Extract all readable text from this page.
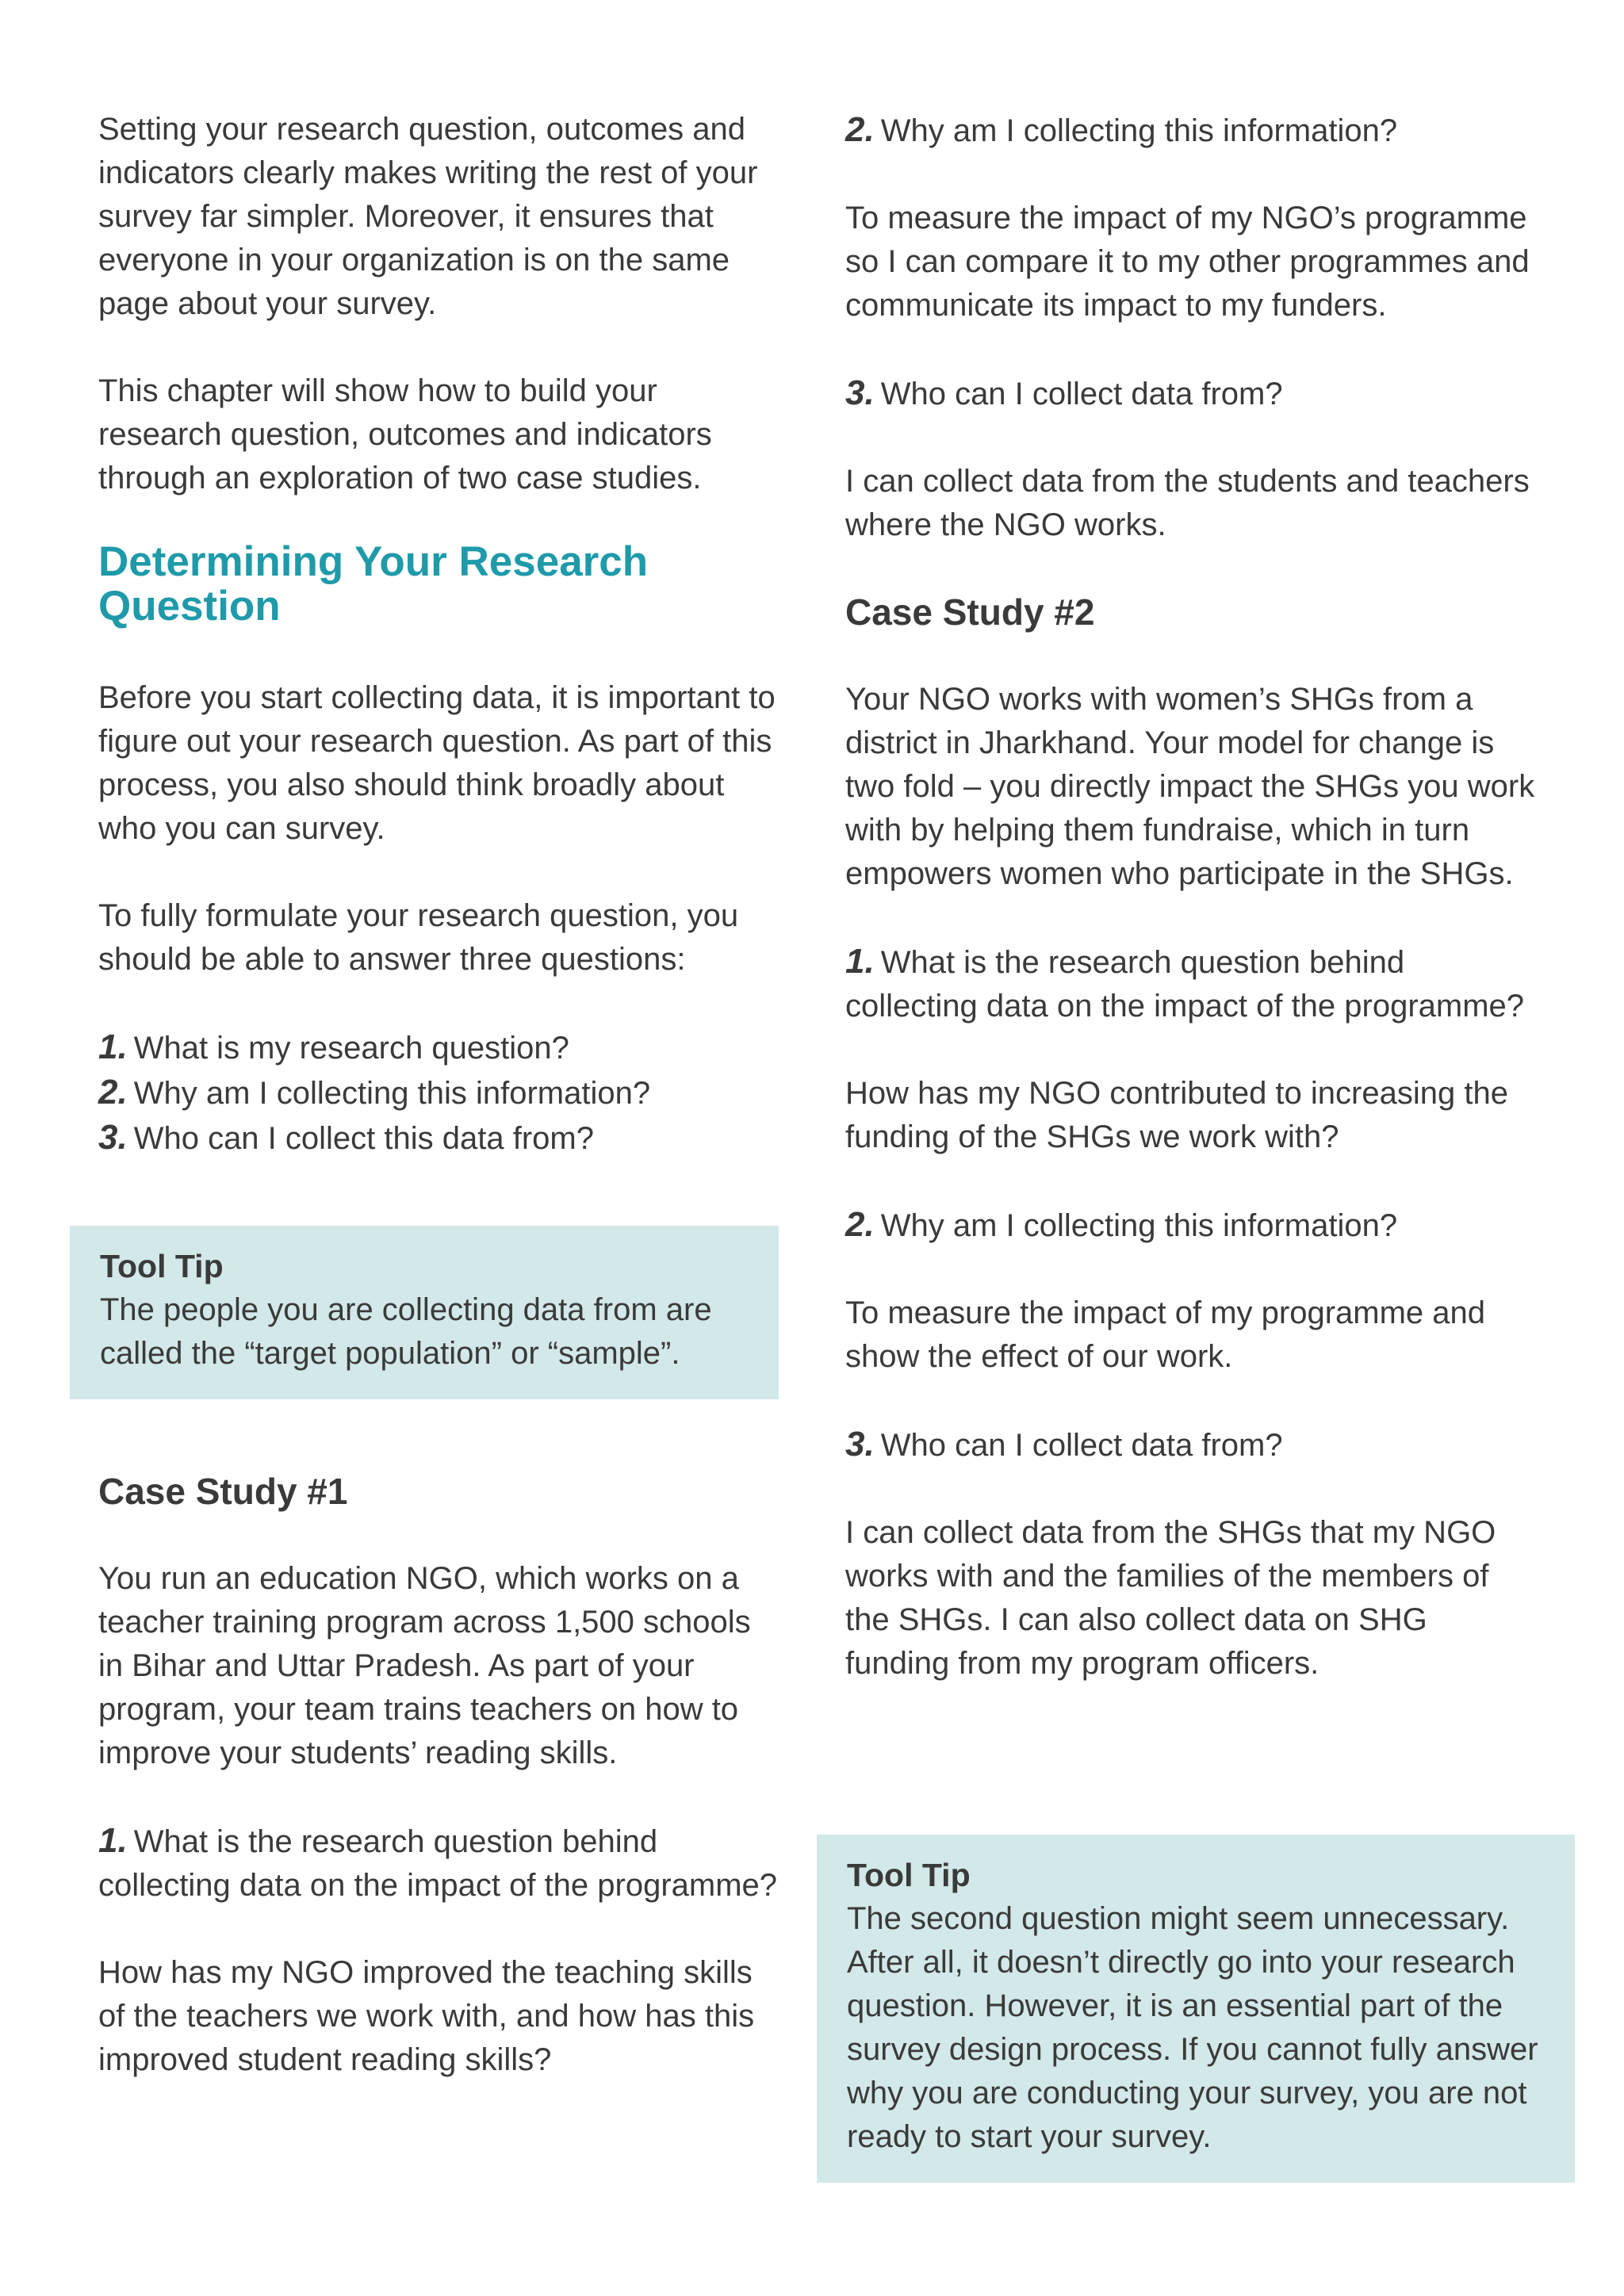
Setting your research question, outcomes and indicators clearly makes writing the rest of your survey far simpler. Moreover, it ensures that everyone in your organization is on the same page about your survey.

This chapter will show how to build your research question, outcomes and indicators through an exploration of two case studies.

Determining Your Research Question

Before you start collecting data, it is important to figure out your research question. As part of this process, you also should think broadly about who you can survey.

To fully formulate your research question, you should be able to answer three questions:

1. What is my research question?

2. Why am I collecting this information?

3. Who can I collect this data from?

Case Study #1

You run an education NGO, which works on a teacher training program across 1,500 schools in Bihar and Uttar Pradesh. As part of your program, your team trains teachers on how to improve your students’ reading skills.

1. What is the research question behind collecting data on the impact of the programme?

How has my NGO improved the teaching skills of the teachers we work with, and how has this improved student reading skills?

Tool Tip

The people you are collecting data from are called the “target population” or “sample”.

2. Why am I collecting this information?

To measure the impact of my NGO’s programme so I can compare it to my other programmes and communicate its impact to my funders.

3. Who can I collect data from?

I can collect data from the students and teachers where the NGO works.

Case Study #2

Your NGO works with women’s SHGs from a district in Jharkhand. Your model for change is two fold – you directly impact the SHGs you work with by helping them fundraise, which in turn empowers women who participate in the SHGs.

1. What is the research question behind collecting data on the impact of the programme?

How has my NGO contributed to increasing the funding of the SHGs we work with?

2. Why am I collecting this information?

To measure the impact of my programme and show the effect of our work.

3. Who can I collect data from?

I can collect data from the SHGs that my NGO works with and the families of the members of the SHGs. I can also collect data on SHG funding from my program officers.

Tool Tip

The second question might seem unnecessary. After all, it doesn’t directly go into your research question. However, it is an essential part of the survey design process. If you cannot fully answer why you are conducting your survey, you are not ready to start your survey.
